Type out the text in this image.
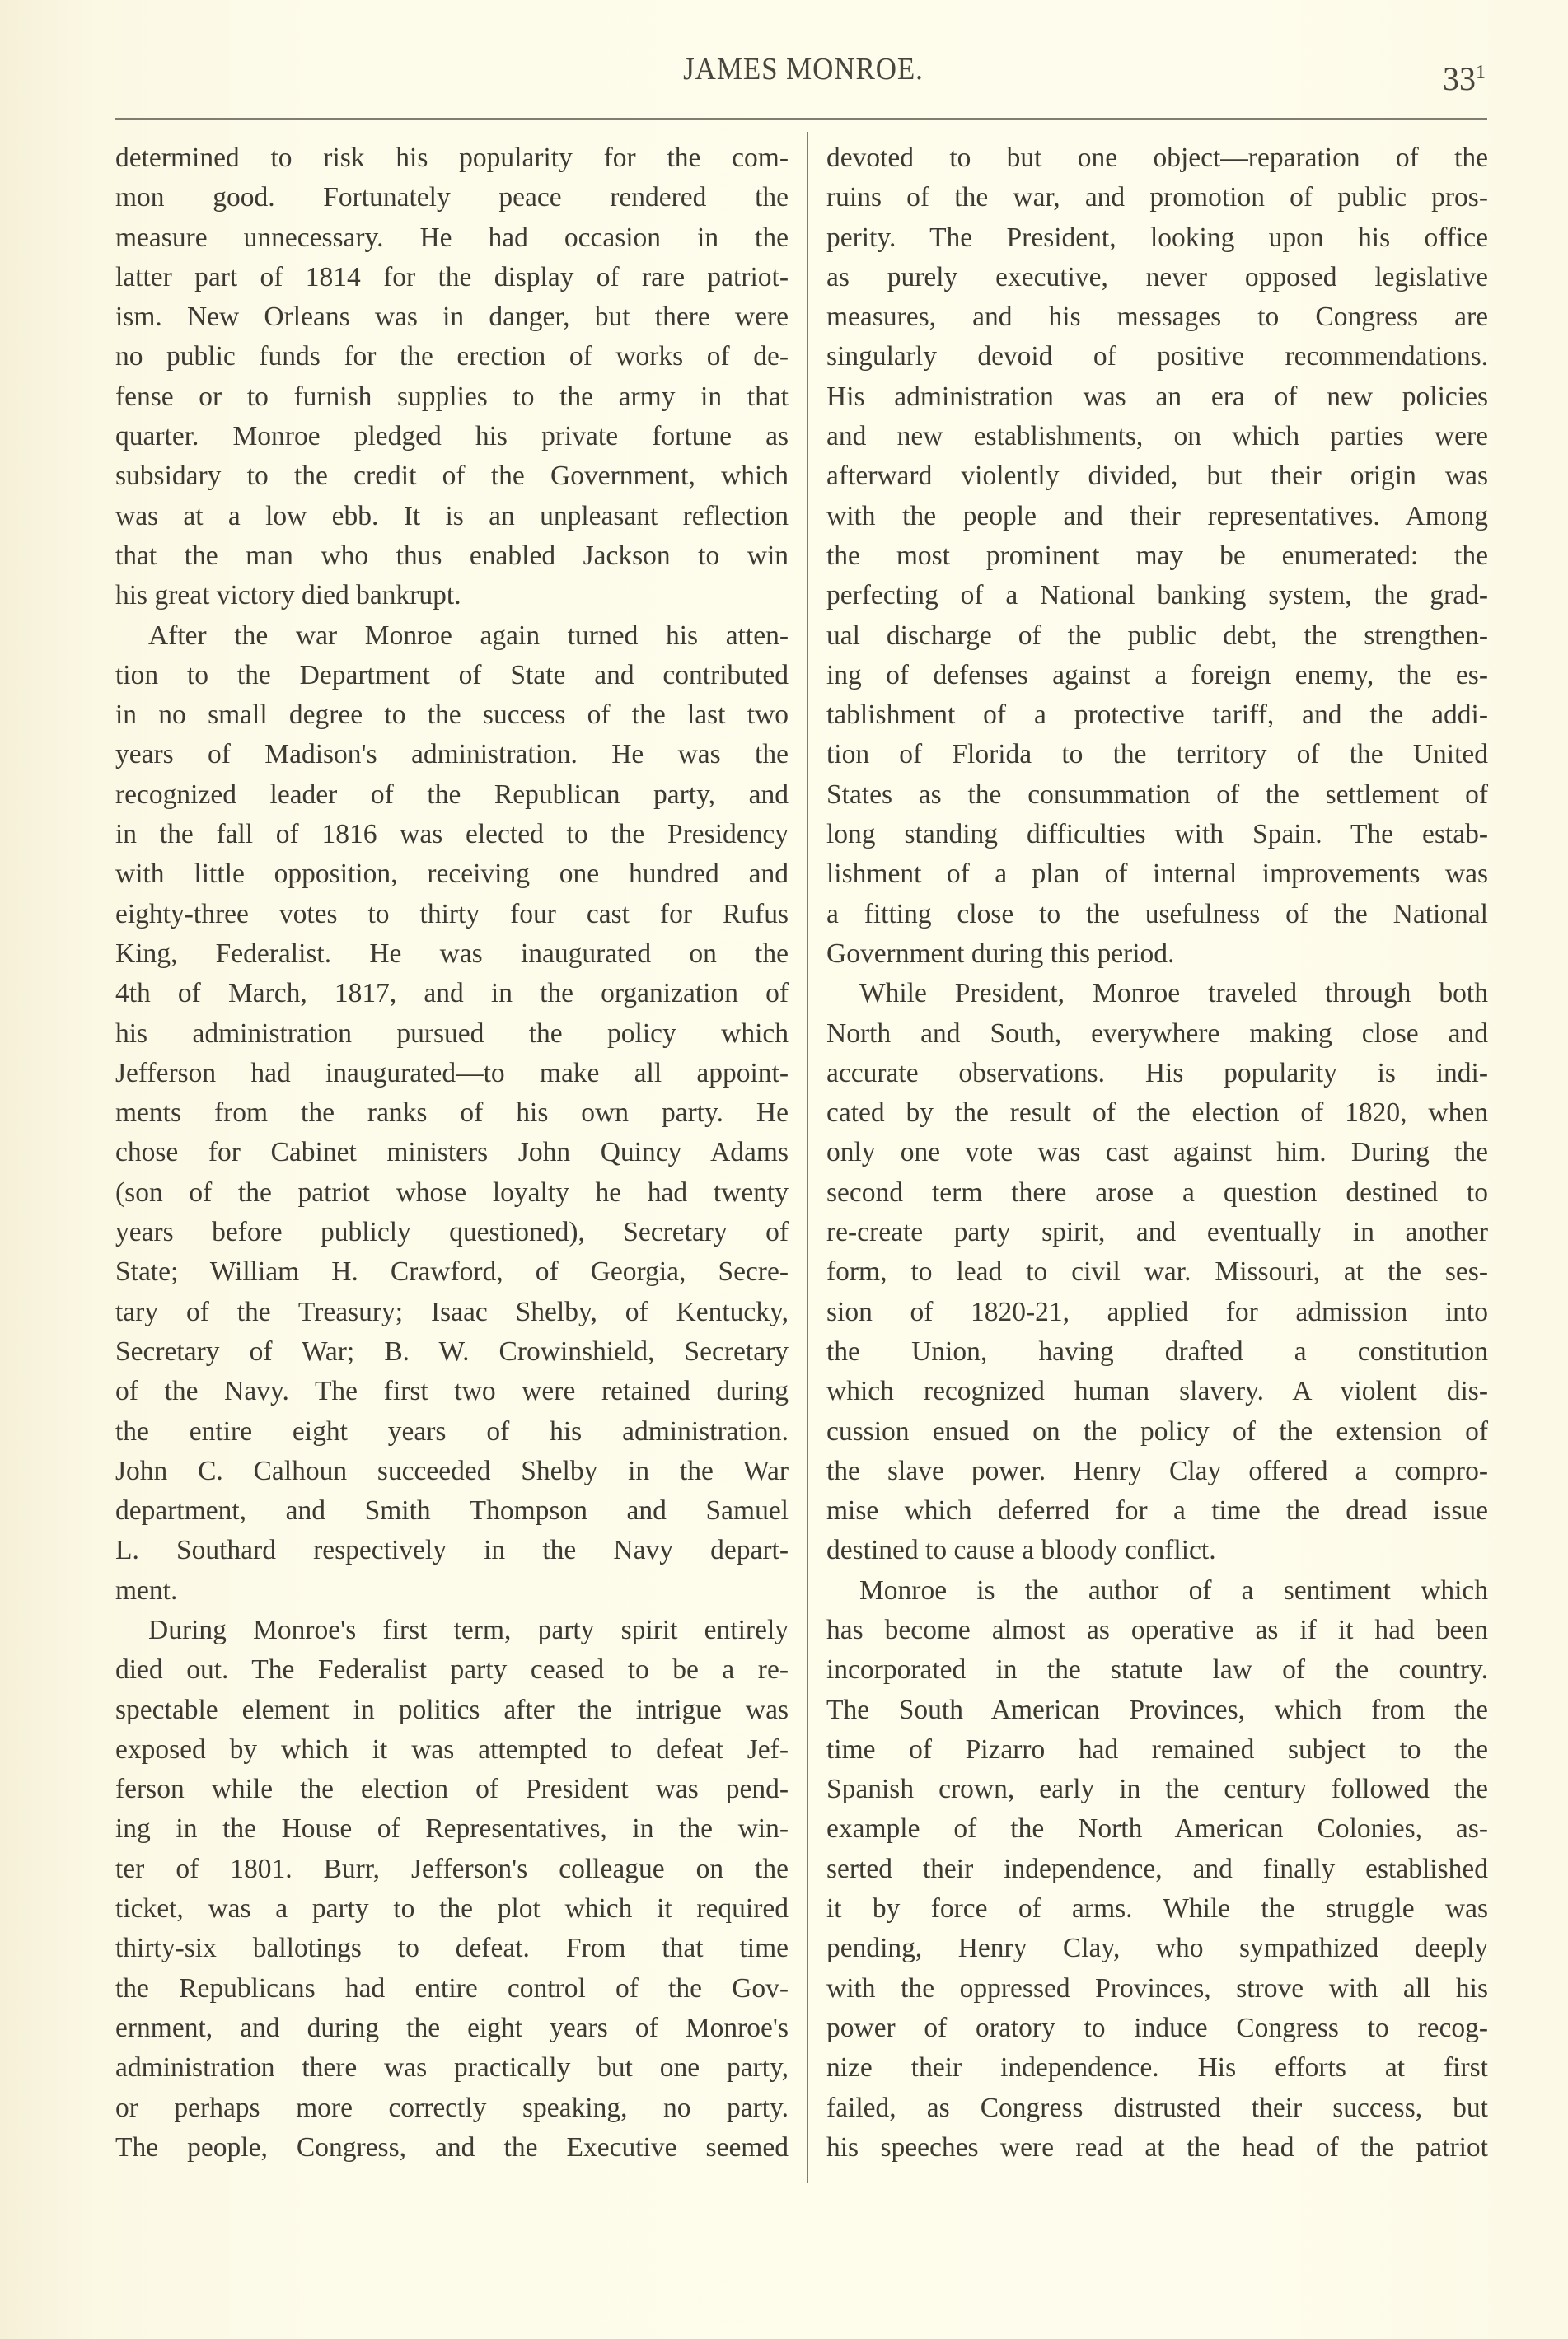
JAMES MONROE.	$33^1$
determined to risk his popularity for the com-
mon good. Fortunately peace rendered the
measure unnecessary. He had occasion in the
latter part of 1814 for the display of rare patriot-
ism. New Orleans was in danger, but there were
no public funds for the erection of works of de-
fense or to furnish supplies to the army in that
quarter. Monroe pledged his private fortune as
subsidary to the credit of the Government, which
was at a low ebb. It is an unpleasant reflection
that the man who thus enabled Jackson to win
his great victory died bankrupt.
After the war Monroe again turned his atten-
tion to the Department of State and contributed
in no small degree to the success of the last two
years of Madison's administration. He was the
recognized leader of the Republican party, and
in the fall of 1816 was elected to the Presidency
with little opposition, receiving one hundred and
eighty-three votes to thirty four cast for Rufus
King, Federalist. He was inaugurated on the
4th of March, 1817, and in the organization of
his administration pursued the policy which
Jefferson had inaugurated—to make all appoint-
ments from the ranks of his own party. He
chose for Cabinet ministers John Quincy Adams
(son of the patriot whose loyalty he had twenty
years before publicly questioned), Secretary of
State; William H. Crawford, of Georgia, Secre-
tary of the Treasury; Isaac Shelby, of Kentucky,
Secretary of War; B. W. Crowinshield, Secretary
of the Navy. The first two were retained during
the entire eight years of his administration.
John C. Calhoun succeeded Shelby in the War
department, and Smith Thompson and Samuel
L. Southard respectively in the Navy depart-
ment.
During Monroe's first term, party spirit entirely
died out. The Federalist party ceased to be a re-
spectable element in politics after the intrigue was
exposed by which it was attempted to defeat Jef-
ferson while the election of President was pend-
ing in the House of Representatives, in the win-
ter of 1801. Burr, Jefferson's colleague on the
ticket, was a party to the plot which it required
thirty-six ballotings to defeat. From that time
the Republicans had entire control of the Gov-
ernment, and during the eight years of Monroe's
administration there was practically but one party,
or perhaps more correctly speaking, no party.
The people, Congress, and the Executive seemed
devoted to but one object—reparation of the
ruins of the war, and promotion of public pros-
perity. The President, looking upon his office
as purely executive, never opposed legislative
measures, and his messages to Congress are
singularly devoid of positive recommendations.
His administration was an era of new policies
and new establishments, on which parties were
afterward violently divided, but their origin was
with the people and their representatives. Among
the most prominent may be enumerated: the
perfecting of a National banking system, the grad-
ual discharge of the public debt, the strengthen-
ing of defenses against a foreign enemy, the es-
tablishment of a protective tariff, and the addi-
tion of Florida to the territory of the United
States as the consummation of the settlement of
long standing difficulties with Spain. The estab-
lishment of a plan of internal improvements was
a fitting close to the usefulness of the National
Government during this period.
While President, Monroe traveled through both
North and South, everywhere making close and
accurate observations. His popularity is indi-
cated by the result of the election of 1820, when
only one vote was cast against him. During the
second term there arose a question destined to
re-create party spirit, and eventually in another
form, to lead to civil war. Missouri, at the ses-
sion of 1820-21, applied for admission into
the Union, having drafted a constitution
which recognized human slavery. A violent dis-
cussion ensued on the policy of the extension of
the slave power. Henry Clay offered a compro-
mise which deferred for a time the dread issue
destined to cause a bloody conflict.
Monroe is the author of a sentiment which
has become almost as operative as if it had been
incorporated in the statute law of the country.
The South American Provinces, which from the
time of Pizarro had remained subject to the
Spanish crown, early in the century followed the
example of the North American Colonies, as-
serted their independence, and finally established
it by force of arms. While the struggle was
pending, Henry Clay, who sympathized deeply
with the oppressed Provinces, strove with all his
power of oratory to induce Congress to recog-
nize their independence. His efforts at first
failed, as Congress distrusted their success, but
his speeches were read at the head of the patriot
